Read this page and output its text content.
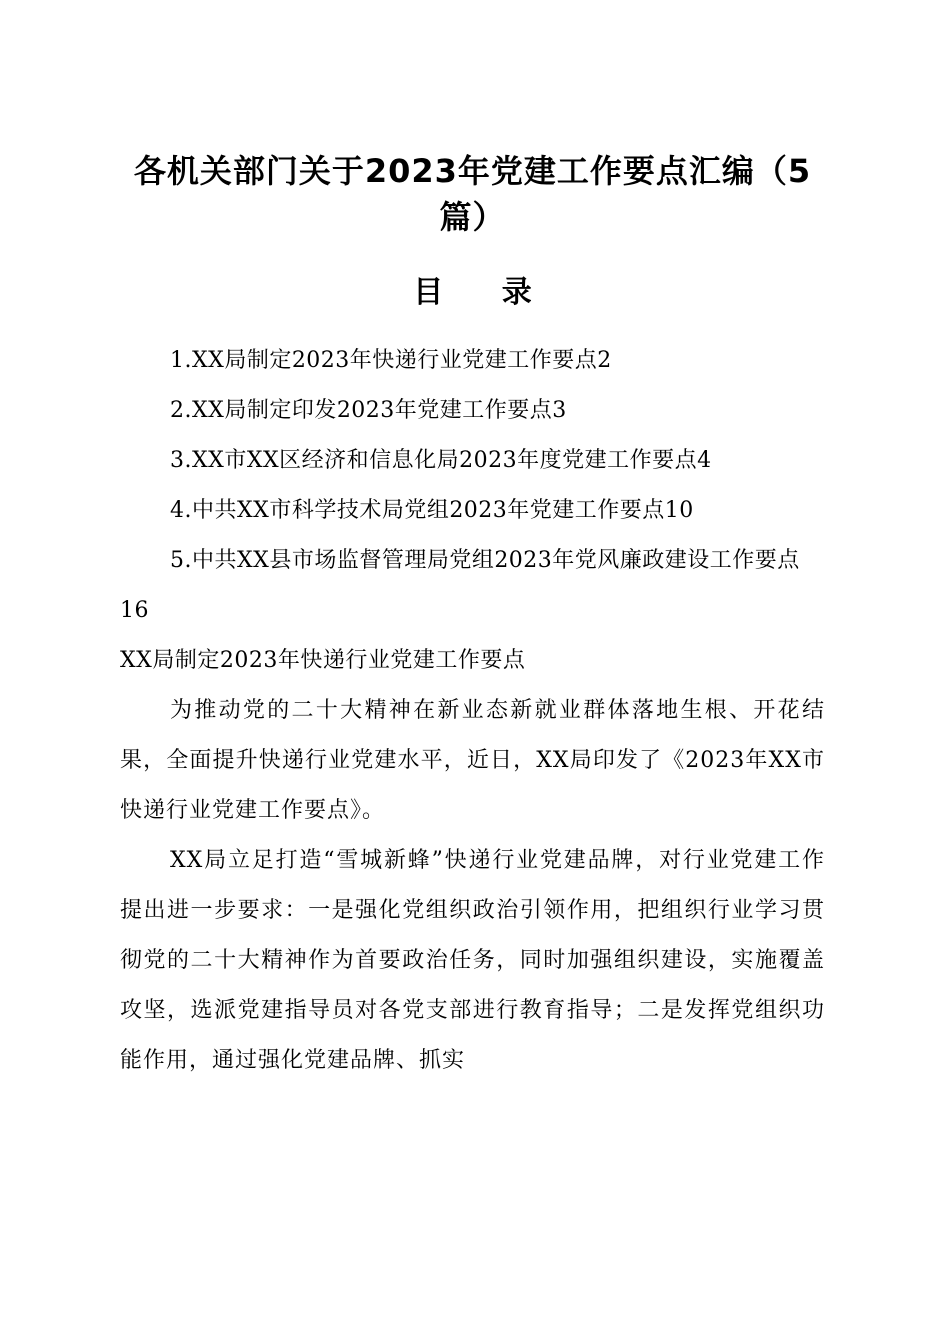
各机关部门关于2023年党建工作要点汇编（5篇）
目 录

1.XX局制定2023年快递行业党建工作要点2

2.XX局制定印发2023年党建工作要点3

3.XX市XX区经济和信息化局2023年度党建工作要点4

4.中共XX市科学技术局党组2023年党建工作要点10

5.中共XX县市场监督管理局党组2023年党风廉政建设工作要点16

XX局制定2023年快递行业党建工作要点

为推动党的二十大精神在新业态新就业群体落地生根、开花结果，全面提升快递行业党建水平，近日，XX局印发了《2023年XX市快递行业党建工作要点》。

XX局立足打造“雪城新蜂”快递行业党建品牌，对行业党建工作提出进一步要求：一是强化党组织政治引领作用，把组织行业学习贯彻党的二十大精神作为首要政治任务，同时加强组织建设，实施覆盖攻坚，选派党建指导员对各党支部进行教育指导；二是发挥党组织功能作用，通过强化党建品牌、抓实
